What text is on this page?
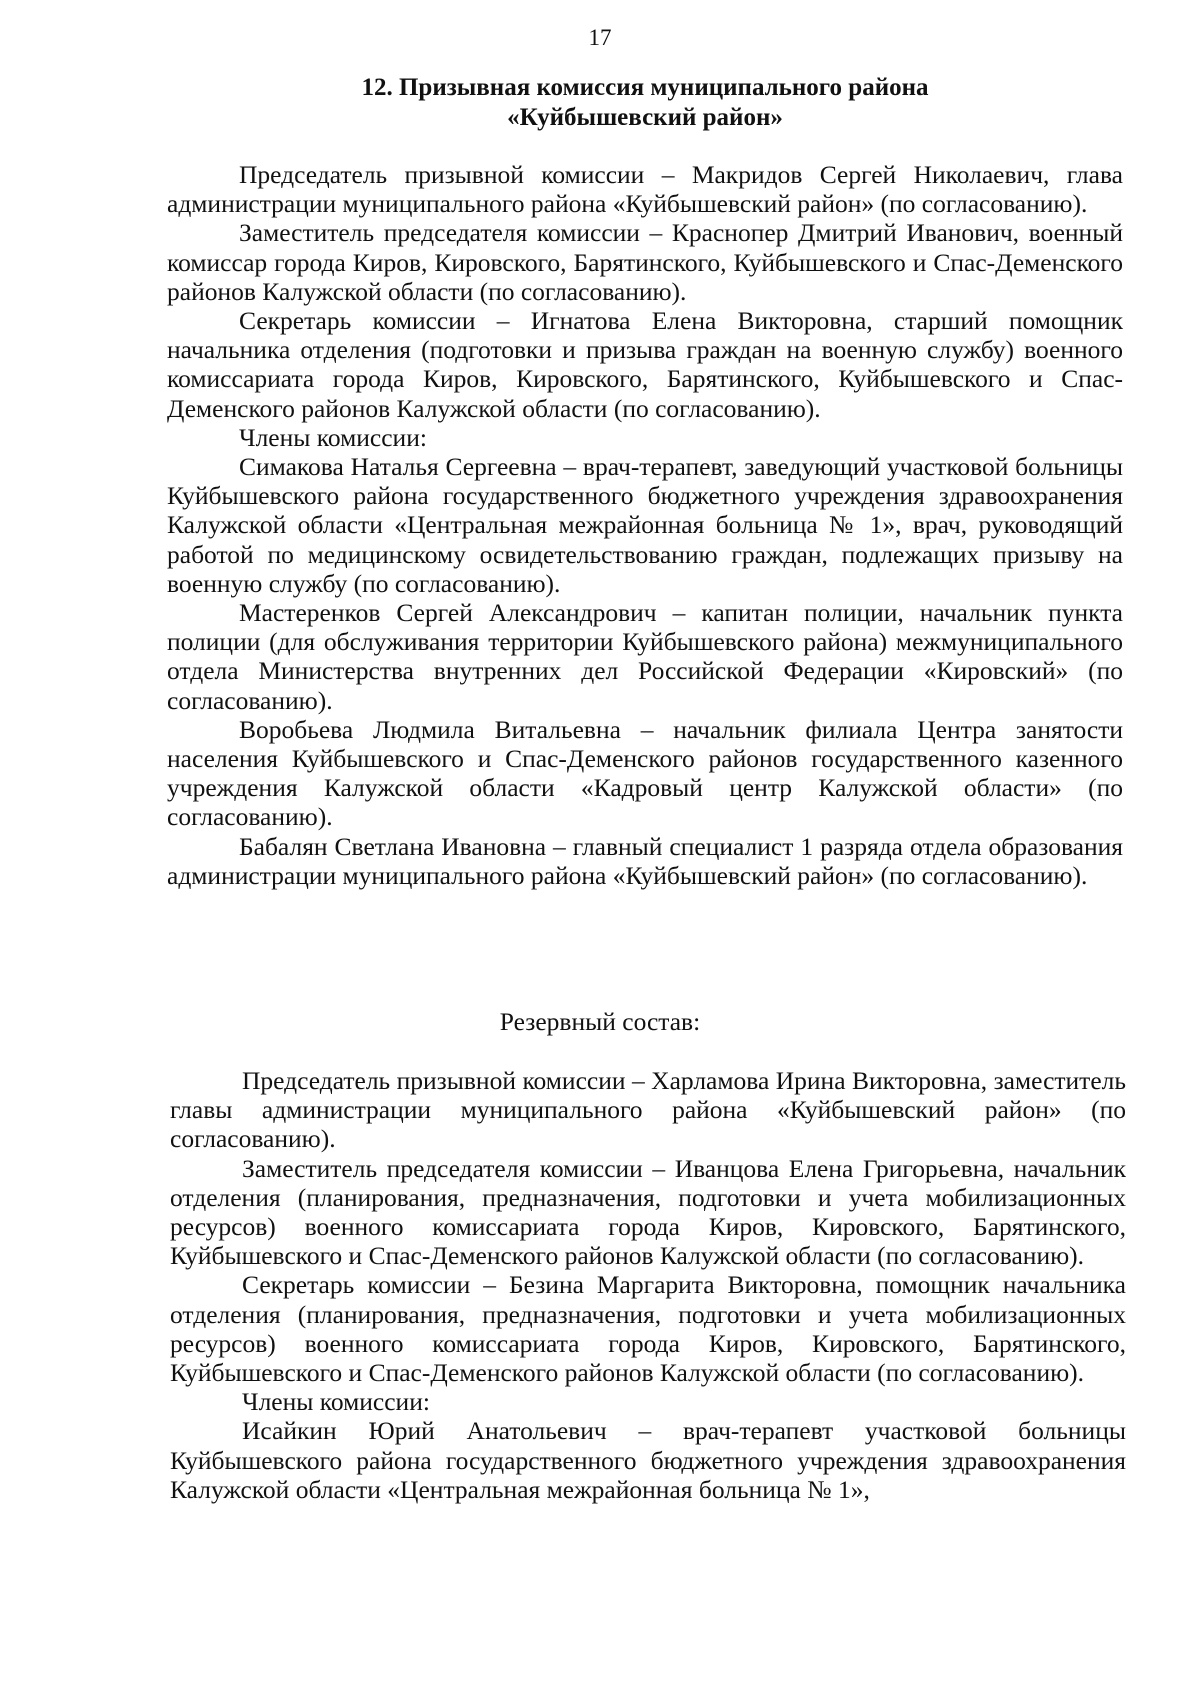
17
12. Призывная комиссия муниципального района
«Куйбышевский район»

Председатель призывной комиссии – Макридов Сергей Николаевич, глава администрации муниципального района «Куйбышевский район» (по согласованию).

Заместитель председателя комиссии – Краснопер Дмитрий Иванович, военный комиссар города Киров, Кировского, Барятинского, Куйбышевского и Спас-Деменского районов Калужской области (по согласованию).

Секретарь комиссии – Игнатова Елена Викторовна, старший помощник начальника отделения (подготовки и призыва граждан на военную службу) военного комиссариата города Киров, Кировского, Барятинского, Куйбышевского и Спас-Деменского районов Калужской области (по согласованию).

Члены комиссии:

Симакова Наталья Сергеевна – врач-терапевт, заведующий участковой больницы Куйбышевского района государственного бюджетного учреждения здравоохранения Калужской области «Центральная межрайонная больница № 1», врач, руководящий работой по медицинскому освидетельствованию граждан, подлежащих призыву на военную службу (по согласованию).

Мастеренков Сергей Александрович – капитан полиции, начальник пункта полиции (для обслуживания территории Куйбышевского района) межмуниципального отдела Министерства внутренних дел Российской Федерации «Кировский» (по согласованию).

Воробьева Людмила Витальевна – начальник филиала Центра занятости населения Куйбышевского и Спас-Деменского районов государственного казенного учреждения Калужской области «Кадровый центр Калужской области» (по согласованию).

Бабалян Светлана Ивановна – главный специалист 1 разряда отдела образования администрации муниципального района «Куйбышевский район» (по согласованию).

Резервный состав:

Председатель призывной комиссии – Харламова Ирина Викторовна, заместитель главы администрации муниципального района «Куйбышевский район» (по согласованию).

Заместитель председателя комиссии – Иванцова Елена Григорьевна, начальник отделения (планирования, предназначения, подготовки и учета мобилизационных ресурсов) военного комиссариата города Киров, Кировского, Барятинского, Куйбышевского и Спас-Деменского районов Калужской области (по согласованию).

Секретарь комиссии – Безина Маргарита Викторовна, помощник начальника отделения (планирования, предназначения, подготовки и учета мобилизационных ресурсов) военного комиссариата города Киров, Кировского, Барятинского, Куйбышевского и Спас-Деменского районов Калужской области (по согласованию).

Члены комиссии:

Исайкин Юрий Анатольевич – врач-терапевт участковой больницы Куйбышевского района государственного бюджетного учреждения здравоохранения Калужской области «Центральная межрайонная больница № 1»,
